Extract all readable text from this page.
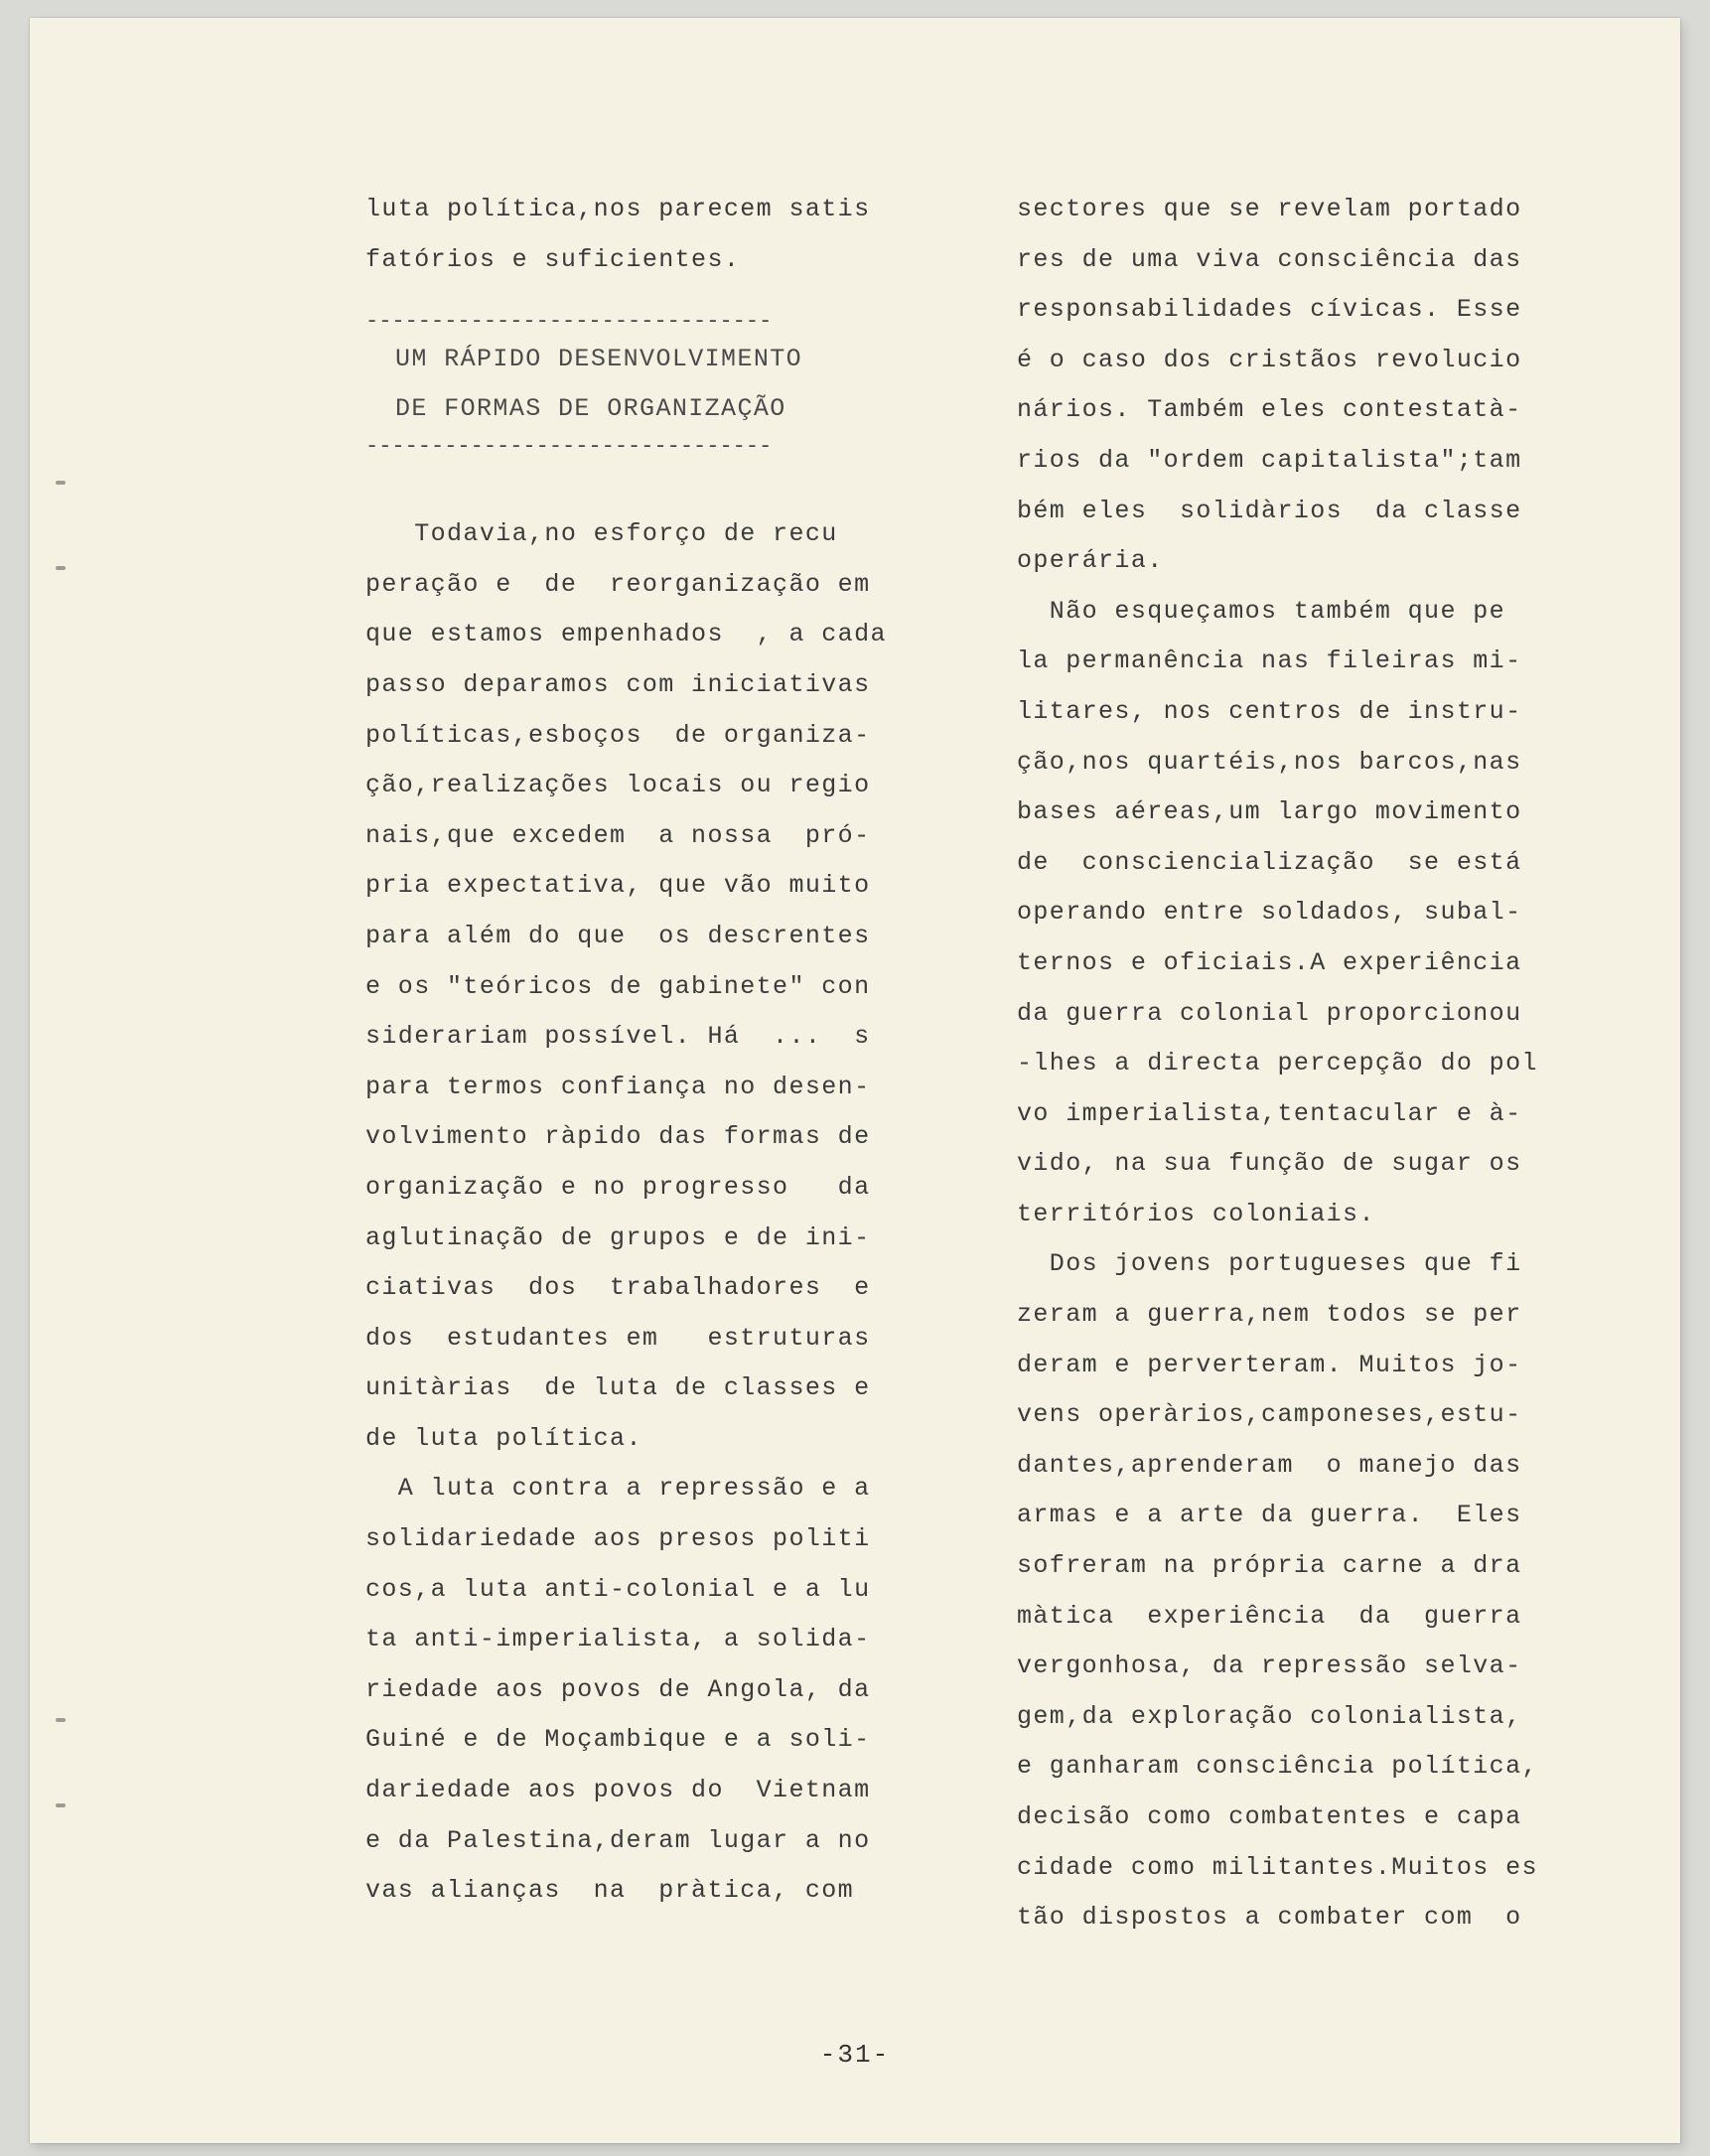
luta política,nos parecem satis
fatórios e suficientes.
-------------------------------
UM RÁPIDO DESENVOLVIMENTO
DE FORMAS DE ORGANIZAÇÃO
-------------------------------
Todavia,no esforço de recu
peração e  de  reorganização em
que estamos empenhados  , a cada
passo deparamos com iniciativas
políticas,esboços  de organiza-
ção,realizações locais ou regio
nais,que excedem  a nossa  pró-
pria expectativa, que vão muito
para além do que  os descrentes
e os "teóricos de gabinete" con
siderariam possível. Há  ...  s
para termos confiança no desen-
volvimento ràpido das formas de
organização e no progresso   da
aglutinação de grupos e de ini-
ciativas  dos  trabalhadores  e
dos  estudantes em   estruturas
unitàrias  de luta de classes e
de luta política.
A luta contra a repressão e a
solidariedade aos presos politi
cos,a luta anti-colonial e a lu
ta anti-imperialista, a solida-
riedade aos povos de Angola, da
Guiné e de Moçambique e a soli-
dariedade aos povos do  Vietnam
e da Palestina,deram lugar a no
vas alianças  na  pràtica, com
sectores que se revelam portado
res de uma viva consciência das
responsabilidades cívicas. Esse
é o caso dos cristãos revolucio
nários. Também eles contestatà-
rios da "ordem capitalista";tam
bém eles  solidàrios  da classe
operária.
Não esqueçamos também que pe
la permanência nas fileiras mi-
litares, nos centros de instru-
ção,nos quartéis,nos barcos,nas
bases aéreas,um largo movimento
de  consciencialização  se está
operando entre soldados, subal-
ternos e oficiais.A experiência
da guerra colonial proporcionou
-lhes a directa percepção do pol
vo imperialista,tentacular e à-
vido, na sua função de sugar os
territórios coloniais.
Dos jovens portugueses que fi
zeram a guerra,nem todos se per
deram e perverteram. Muitos jo-
vens operàrios,camponeses,estu-
dantes,aprenderam  o manejo das
armas e a arte da guerra.  Eles
sofreram na própria carne a dra
màtica  experiência  da  guerra
vergonhosa, da repressão selva-
gem,da exploração colonialista,
e ganharam consciência política,
decisão como combatentes e capa
cidade como militantes.Muitos es
tão dispostos a combater com  o
-31-
